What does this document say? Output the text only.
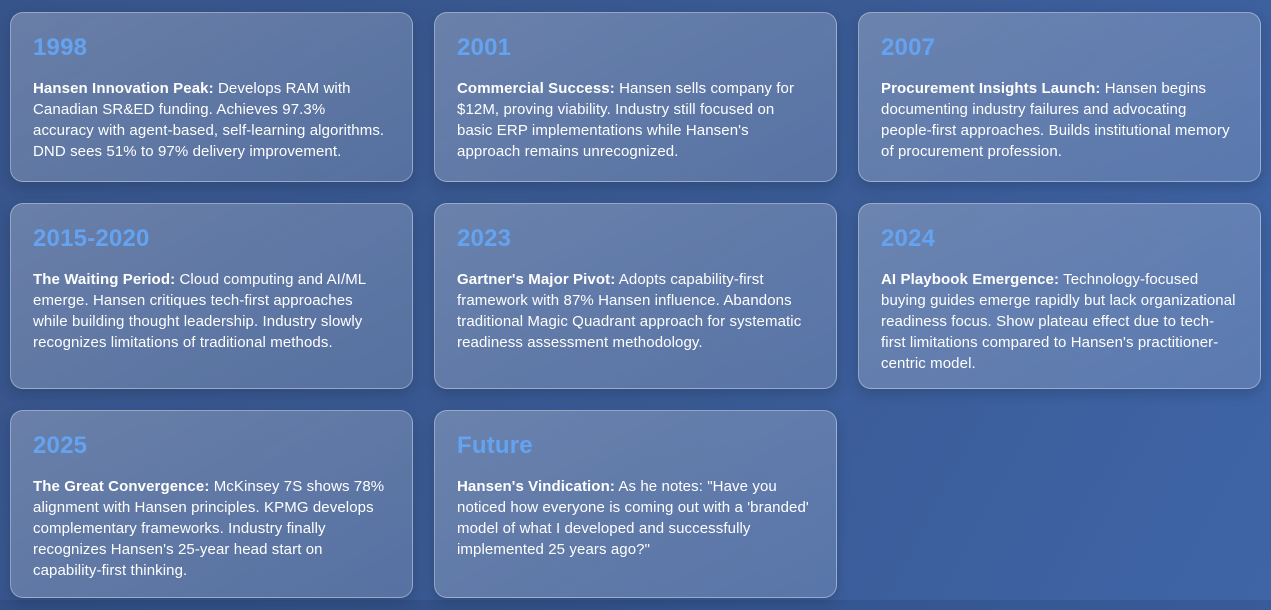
1998

Hansen Innovation Peak: Develops RAM with Canadian SR&ED funding. Achieves 97.3% accuracy with agent-based, self-learning algorithms. DND sees 51% to 97% delivery improvement.

2001

Commercial Success: Hansen sells company for $12M, proving viability. Industry still focused on basic ERP implementations while Hansen's approach remains unrecognized.

2007

Procurement Insights Launch: Hansen begins documenting industry failures and advocating people-first approaches. Builds institutional memory of procurement profession.

2015-2020

The Waiting Period: Cloud computing and AI/ML emerge. Hansen critiques tech-first approaches while building thought leadership. Industry slowly recognizes limitations of traditional methods.

2023

Gartner's Major Pivot: Adopts capability-first framework with 87% Hansen influence. Abandons traditional Magic Quadrant approach for systematic readiness assessment methodology.

2024

AI Playbook Emergence: Technology-focused buying guides emerge rapidly but lack organizational readiness focus. Show plateau effect due to tech-first limitations compared to Hansen's practitioner-centric model.

2025

The Great Convergence: McKinsey 7S shows 78% alignment with Hansen principles. KPMG develops complementary frameworks. Industry finally recognizes Hansen's 25-year head start on capability-first thinking.

Future

Hansen's Vindication: As he notes: "Have you noticed how everyone is coming out with a 'branded' model of what I developed and successfully implemented 25 years ago?"
